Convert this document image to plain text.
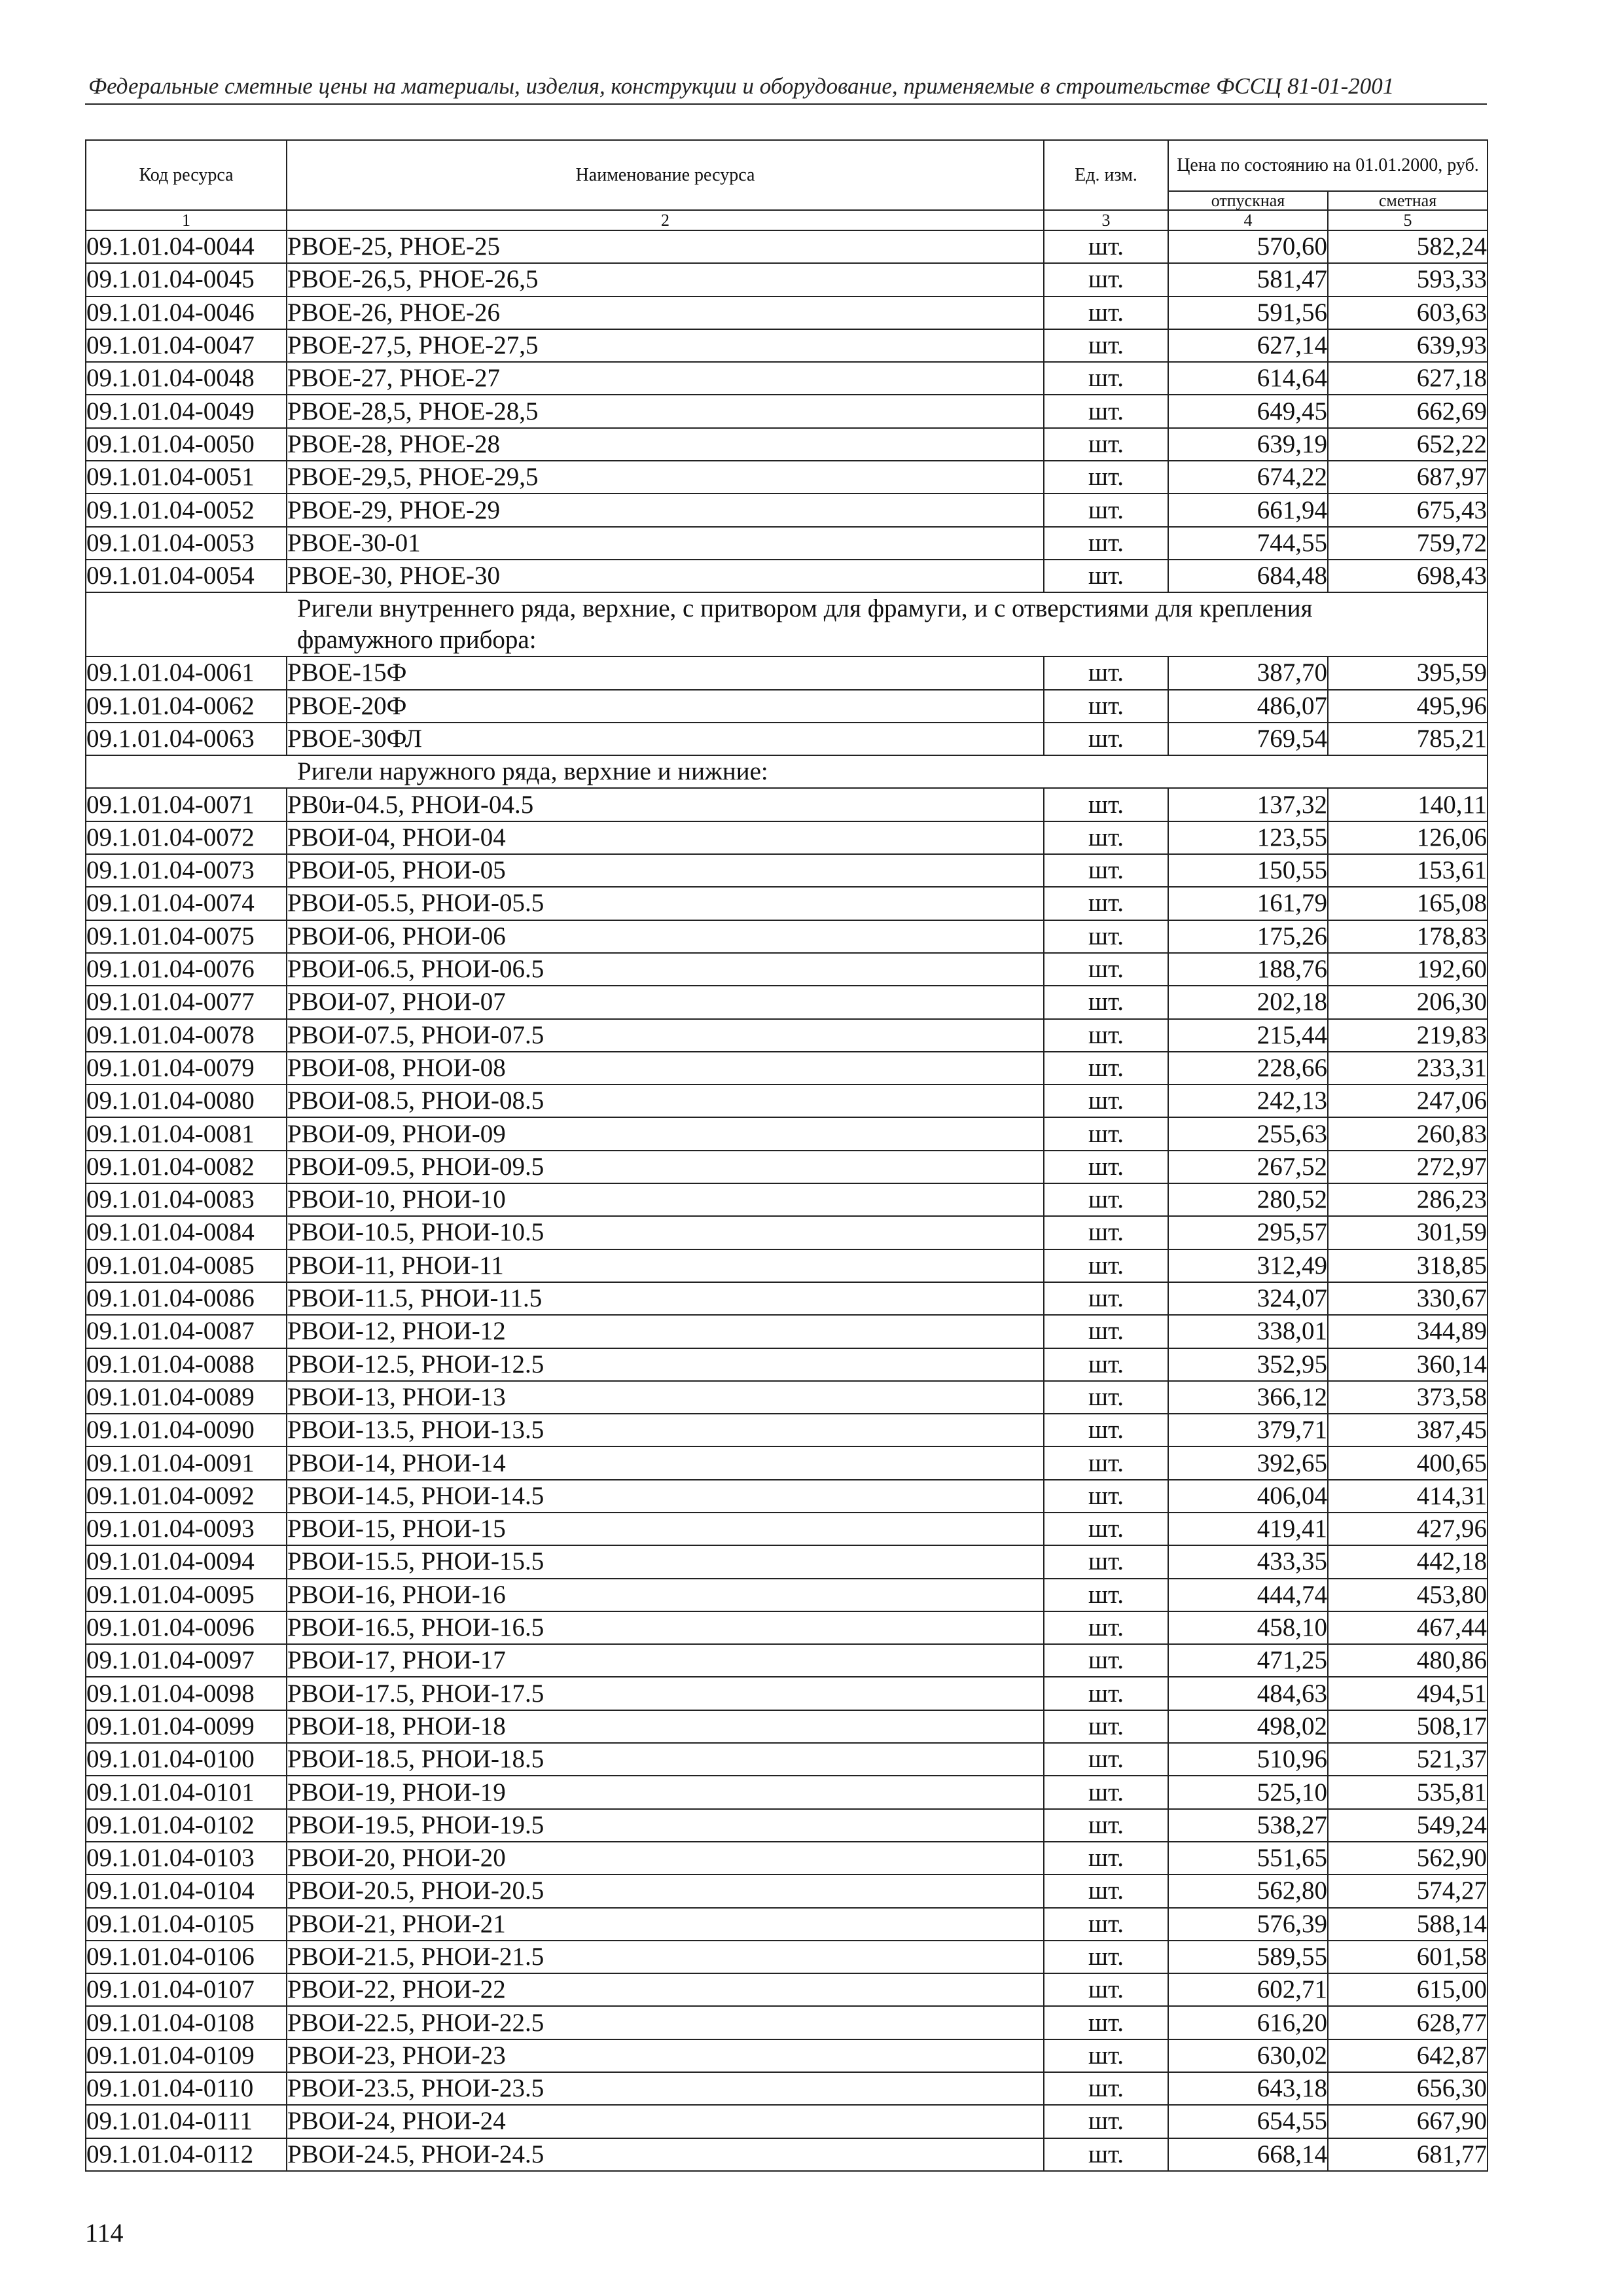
Федеральные сметные цены на материалы, изделия, конструкции и оборудование, применяемые в строительстве ФССЦ 81-01-2001
Код ресурса	Наименование ресурса	Ед. изм.	Цена по состоянию на 01.01.2000, руб.	
			отпускная	сметная
1	2	3	4	5
09.1.01.04-0044	РВОЕ-25, РНОЕ-25	шт.	570,60	582,24
09.1.01.04-0045	РВОЕ-26,5, РНОЕ-26,5	шт.	581,47	593,33
09.1.01.04-0046	РВОЕ-26, РНОЕ-26	шт.	591,56	603,63
09.1.01.04-0047	РВОЕ-27,5, РНОЕ-27,5	шт.	627,14	639,93
09.1.01.04-0048	РВОЕ-27, РНОЕ-27	шт.	614,64	627,18
09.1.01.04-0049	РВОЕ-28,5, РНОЕ-28,5	шт.	649,45	662,69
09.1.01.04-0050	РВОЕ-28, РНОЕ-28	шт.	639,19	652,22
09.1.01.04-0051	РВОЕ-29,5, РНОЕ-29,5	шт.	674,22	687,97
09.1.01.04-0052	РВОЕ-29, РНОЕ-29	шт.	661,94	675,43
09.1.01.04-0053	РВОЕ-30-01	шт.	744,55	759,72
09.1.01.04-0054	РВОЕ-30, РНОЕ-30	шт.	684,48	698,43

Ригели внутреннего ряда, верхние, с притвором для фрамуги, и с отверстиями для крепления
фрамужного прибора:				

09.1.01.04-0061	РВОЕ-15Ф	шт.	387,70	395,59
09.1.01.04-0062	РВОЕ-20Ф	шт.	486,07	495,96
09.1.01.04-0063	РВОЕ-30ФЛ	шт.	769,54	785,21
Ригели наружного ряда, верхние и нижние:				
09.1.01.04-0071	РВ0и-04.5, РНОИ-04.5	шт.	137,32	140,11
09.1.01.04-0072	РВОИ-04, РНОИ-04	шт.	123,55	126,06
09.1.01.04-0073	РВОИ-05, РНОИ-05	шт.	150,55	153,61
09.1.01.04-0074	РВОИ-05.5, РНОИ-05.5	шт.	161,79	165,08
09.1.01.04-0075	РВОИ-06, РНОИ-06	шт.	175,26	178,83
09.1.01.04-0076	РВОИ-06.5, РНОИ-06.5	шт.	188,76	192,60
09.1.01.04-0077	РВОИ-07, РНОИ-07	шт.	202,18	206,30
09.1.01.04-0078	РВОИ-07.5, РНОИ-07.5	шт.	215,44	219,83
09.1.01.04-0079	РВОИ-08, РНОИ-08	шт.	228,66	233,31
09.1.01.04-0080	РВОИ-08.5, РНОИ-08.5	шт.	242,13	247,06
09.1.01.04-0081	РВОИ-09, РНОИ-09	шт.	255,63	260,83
09.1.01.04-0082	РВОИ-09.5, РНОИ-09.5	шт.	267,52	272,97
09.1.01.04-0083	РВОИ-10, РНОИ-10	шт.	280,52	286,23
09.1.01.04-0084	РВОИ-10.5, РНОИ-10.5	шт.	295,57	301,59
09.1.01.04-0085	РВОИ-11, РНОИ-11	шт.	312,49	318,85
09.1.01.04-0086	РВОИ-11.5, РНОИ-11.5	шт.	324,07	330,67
09.1.01.04-0087	РВОИ-12, РНОИ-12	шт.	338,01	344,89
09.1.01.04-0088	РВОИ-12.5, РНОИ-12.5	шт.	352,95	360,14
09.1.01.04-0089	РВОИ-13, РНОИ-13	шт.	366,12	373,58
09.1.01.04-0090	РВОИ-13.5, РНОИ-13.5	шт.	379,71	387,45
09.1.01.04-0091	РВОИ-14, РНОИ-14	шт.	392,65	400,65
09.1.01.04-0092	РВОИ-14.5, РНОИ-14.5	шт.	406,04	414,31
09.1.01.04-0093	РВОИ-15, РНОИ-15	шт.	419,41	427,96
09.1.01.04-0094	РВОИ-15.5, РНОИ-15.5	шт.	433,35	442,18
09.1.01.04-0095	РВОИ-16, РНОИ-16	шт.	444,74	453,80
09.1.01.04-0096	РВОИ-16.5, РНОИ-16.5	шт.	458,10	467,44
09.1.01.04-0097	РВОИ-17, РНОИ-17	шт.	471,25	480,86
09.1.01.04-0098	РВОИ-17.5, РНОИ-17.5	шт.	484,63	494,51
09.1.01.04-0099	РВОИ-18, РНОИ-18	шт.	498,02	508,17
09.1.01.04-0100	РВОИ-18.5, РНОИ-18.5	шт.	510,96	521,37
09.1.01.04-0101	РВОИ-19, РНОИ-19	шт.	525,10	535,81
09.1.01.04-0102	РВОИ-19.5, РНОИ-19.5	шт.	538,27	549,24
09.1.01.04-0103	РВОИ-20, РНОИ-20	шт.	551,65	562,90
09.1.01.04-0104	РВОИ-20.5, РНОИ-20.5	шт.	562,80	574,27
09.1.01.04-0105	РВОИ-21, РНОИ-21	шт.	576,39	588,14
09.1.01.04-0106	РВОИ-21.5, РНОИ-21.5	шт.	589,55	601,58
09.1.01.04-0107	РВОИ-22, РНОИ-22	шт.	602,71	615,00
09.1.01.04-0108	РВОИ-22.5, РНОИ-22.5	шт.	616,20	628,77
09.1.01.04-0109	РВОИ-23, РНОИ-23	шт.	630,02	642,87
09.1.01.04-0110	РВОИ-23.5, РНОИ-23.5	шт.	643,18	656,30
09.1.01.04-0111	РВОИ-24, РНОИ-24	шт.	654,55	667,90
09.1.01.04-0112	РВОИ-24.5, РНОИ-24.5	шт.	668,14	681,77
114
